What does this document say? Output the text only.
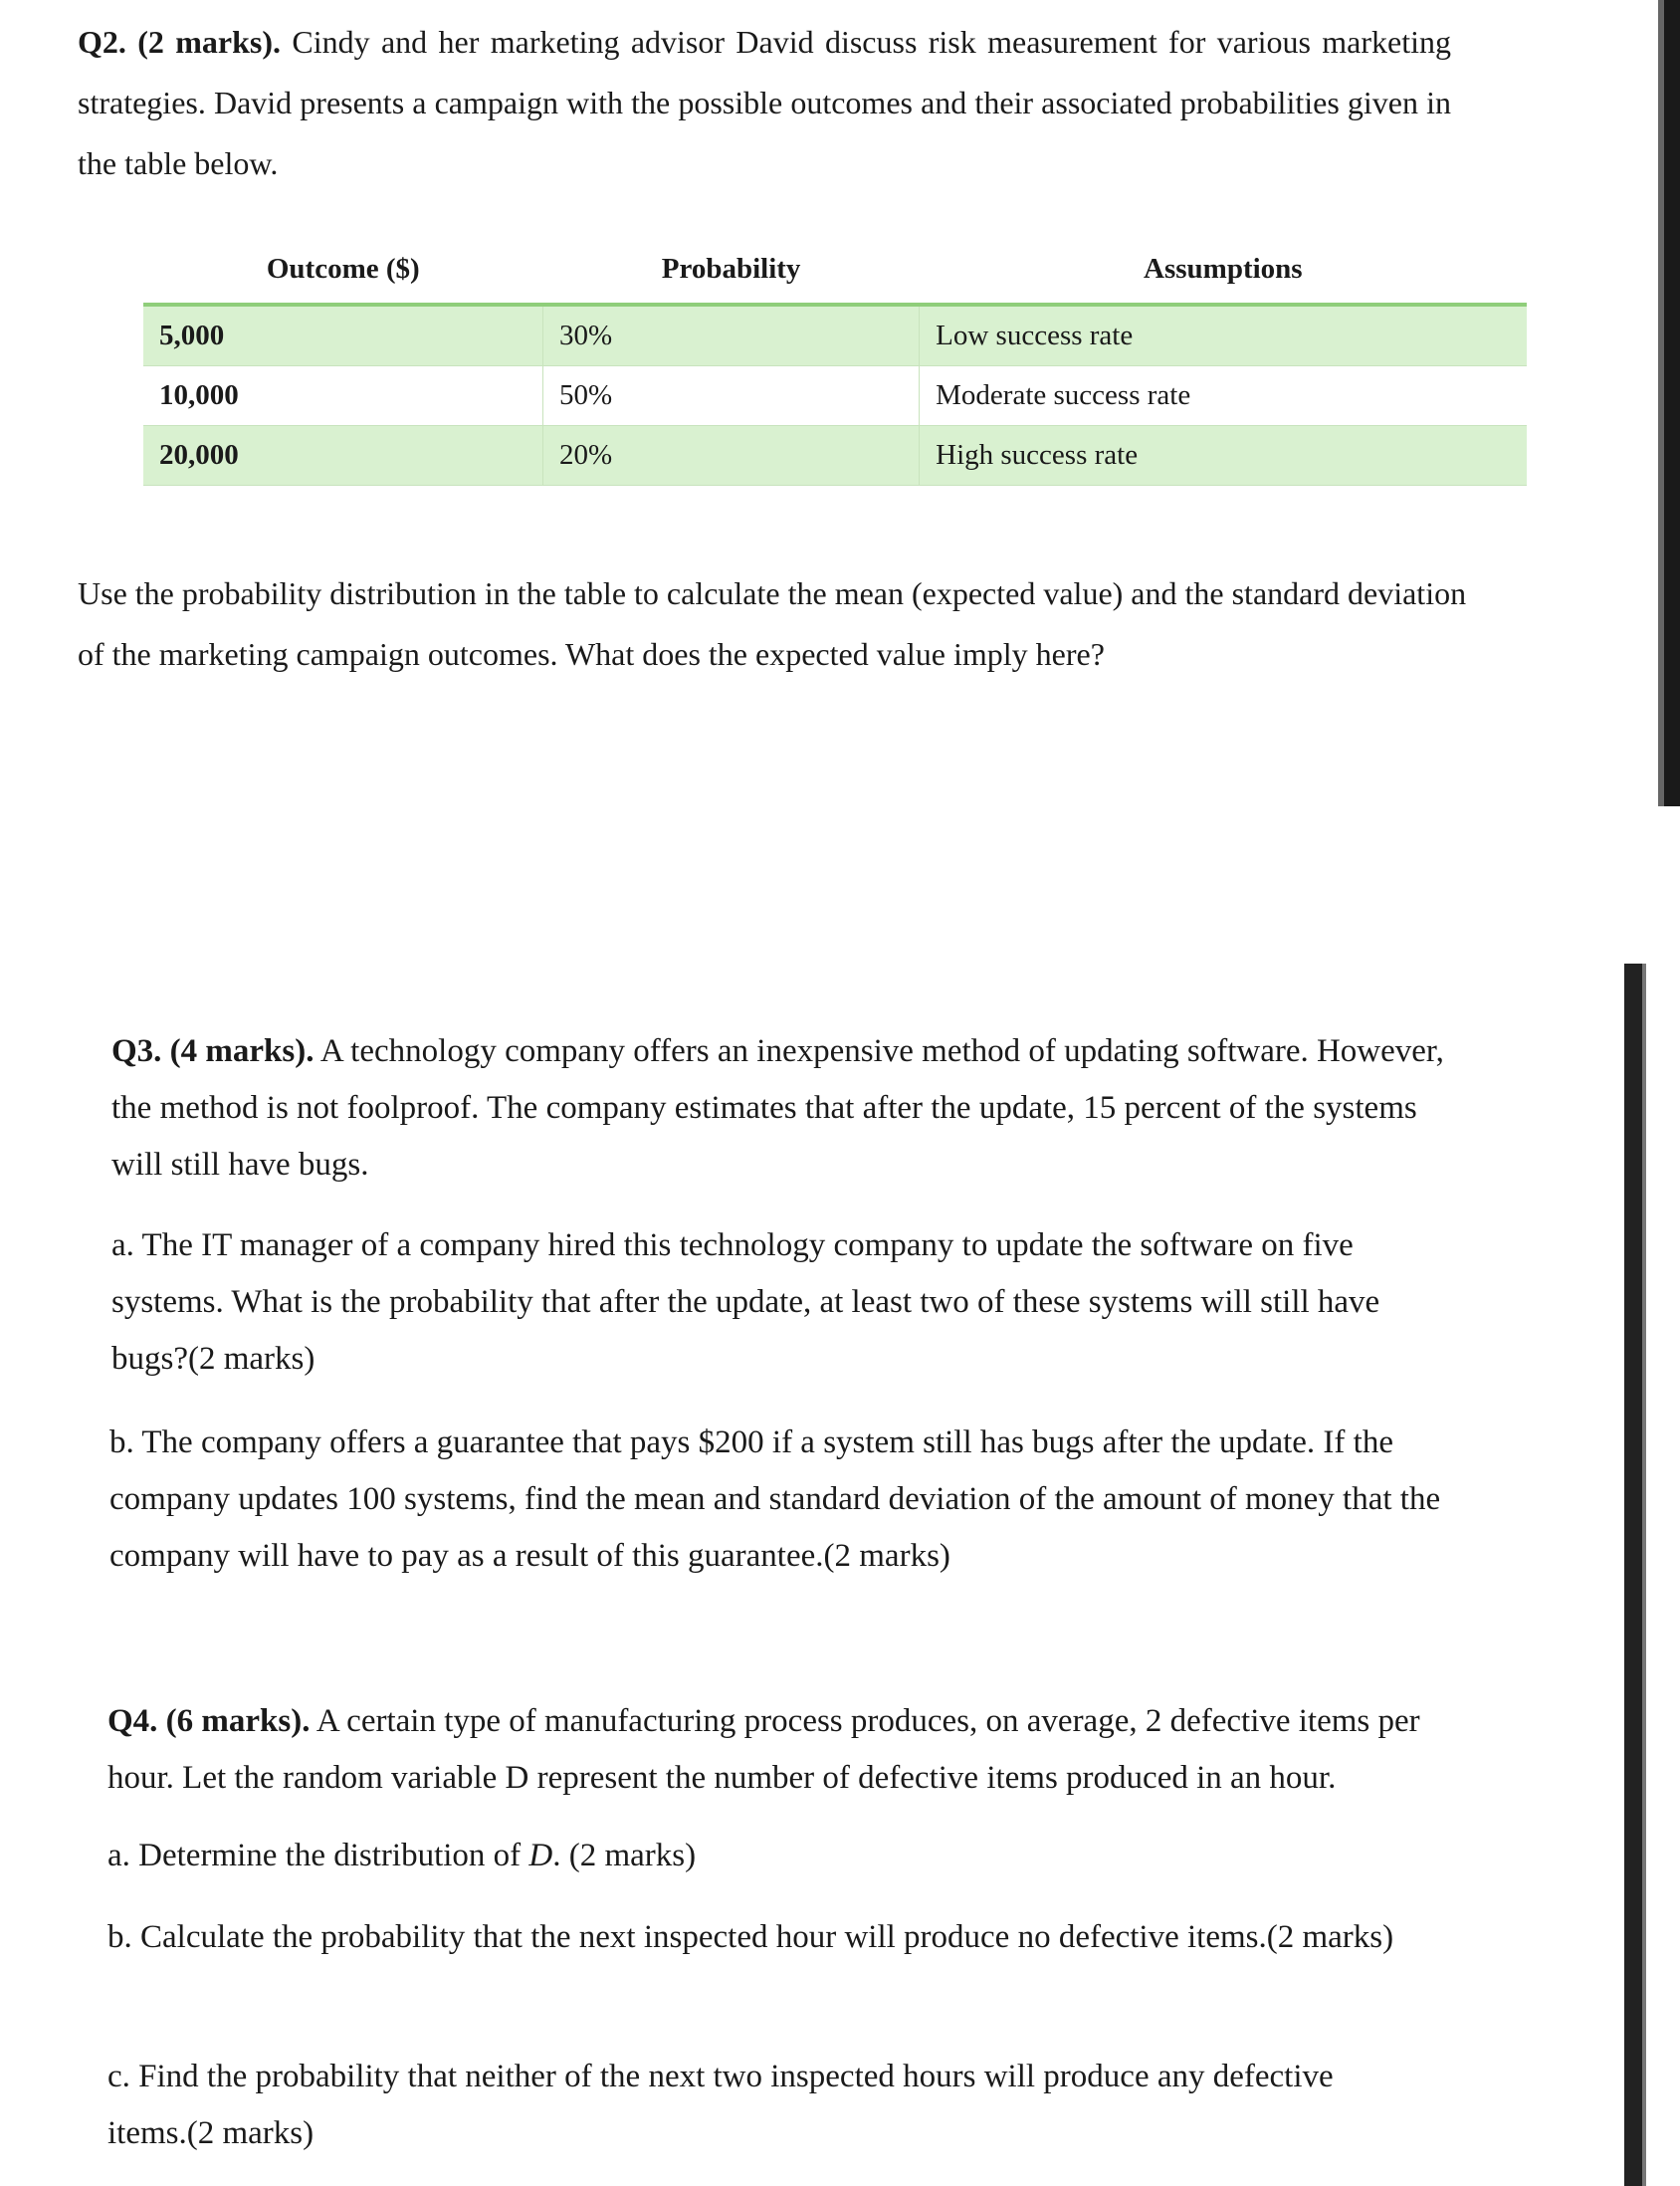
Q2. (2 marks). Cindy and her marketing advisor David discuss risk measurement for various marketing strategies. David presents a campaign with the possible outcomes and their associated probabilities given in the table below.

Outcome ($)	Probability	Assumptions
5,000	30%	Low success rate
10,000	50%	Moderate success rate
20,000	20%	High success rate

Use the probability distribution in the table to calculate the mean (expected value) and the standard deviation of the marketing campaign outcomes. What does the expected value imply here?

Q3. (4 marks). A technology company offers an inexpensive method of updating software. However, the method is not foolproof. The company estimates that after the update, 15 percent of the systems will still have bugs.

a. The IT manager of a company hired this technology company to update the software on five systems. What is the probability that after the update, at least two of these systems will still have bugs?(2 marks)

b. The company offers a guarantee that pays $200 if a system still has bugs after the update. If the company updates 100 systems, find the mean and standard deviation of the amount of money that the company will have to pay as a result of this guarantee.(2 marks)

Q4. (6 marks). A certain type of manufacturing process produces, on average, 2 defective items per hour. Let the random variable D represent the number of defective items produced in an hour.

a. Determine the distribution of D. (2 marks)

b. Calculate the probability that the next inspected hour will produce no defective items.(2 marks)

c. Find the probability that neither of the next two inspected hours will produce any defective items.(2 marks)
